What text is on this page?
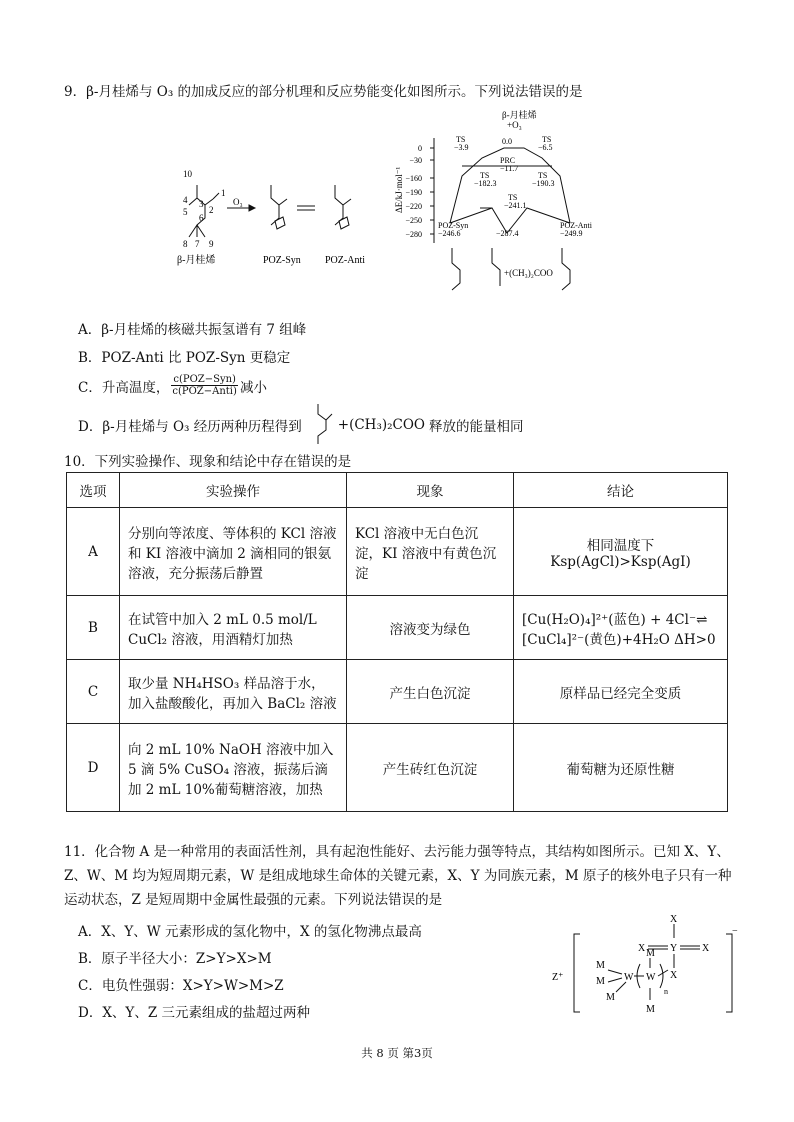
9．β-月桂烯与 O₃ 的加成反应的部分机理和反应势能变化如图所示。下列说法错误的是
10
4 3
1
5 2
6
8 7 9
O₃
β-月桂烯	POZ-Syn POZ-Anti
β-月桂烯
+O₃
ΔE/kJ·mol⁻¹
0
−30
−160
−190
−220
−250
−280
TS
−3.9
0.0	TS
−6.5
PRC
−11.7
TS
−182.3
TS
−190.3
TS
−241.1
POZ-Syn
−246.6	−287.4
POZ-Anti
−249.9
+(CH₃)₂COO
A．β-月桂烯的核磁共振氢谱有 7 组峰
B．POZ-Anti 比 POZ-Syn 更稳定
C．升高温度， $\frac{\text{c(POZ−Syn)}}{\text{c(POZ−Anti)}}$ 减小
D．β-月桂烯与 O₃ 经历两种历程得到	+(CH₃)₂COO 释放的能量相同
10．下列实验操作、现象和结论中存在错误的是
选项	实验操作	现象	结论
A	分别向等浓度、等体积的 KCl 溶液和 KI 溶液中滴加 2 滴相同的银氨溶液，充分振荡后静置	KCl 溶液中无白色沉淀，KI 溶液中有黄色沉淀	相同温度下 Ksp(AgCl)>Ksp(AgI)
B	在试管中加入 2 mL 0.5 mol/L CuCl₂ 溶液，用酒精灯加热	溶液变为绿色	[Cu(H₂O)₄]²⁺(蓝色) + 4Cl⁻⇌ [CuCl₄]²⁻(黄色)+4H₂O ΔH>0
C	取少量 NH₄HSO₃ 样品溶于水，加入盐酸酸化，再加入 BaCl₂ 溶液	产生白色沉淀	原样品已经完全变质
D	向 2 mL 10% NaOH 溶液中加入 5 滴 5% CuSO₄ 溶液，振荡后滴加 2 mL 10%葡萄糖溶液，加热	产生砖红色沉淀	葡萄糖为还原性糖
11．化合物 A 是一种常用的表面活性剂，具有起泡性能好、去污能力强等特点，其结构如图所示。已知 X、Y、Z、W、M 均为短周期元素，W 是组成地球生命体的关键元素，X、Y 为同族元素，M 原子的核外电子只有一种运动状态，Z 是短周期中金属性最强的元素。下列说法错误的是
A．X、Y、W 元素形成的氢化物中，X 的氢化物沸点最高
B．原子半径大小：Z>Y>X>M
C．电负性强弱：X>Y>W>M>Z
D．X、Y、Z 三元素组成的盐超过两种
X
X Y X
X
M
M
M
W
M
W
M
n
Z⁺
−
共 8 页 第3页
